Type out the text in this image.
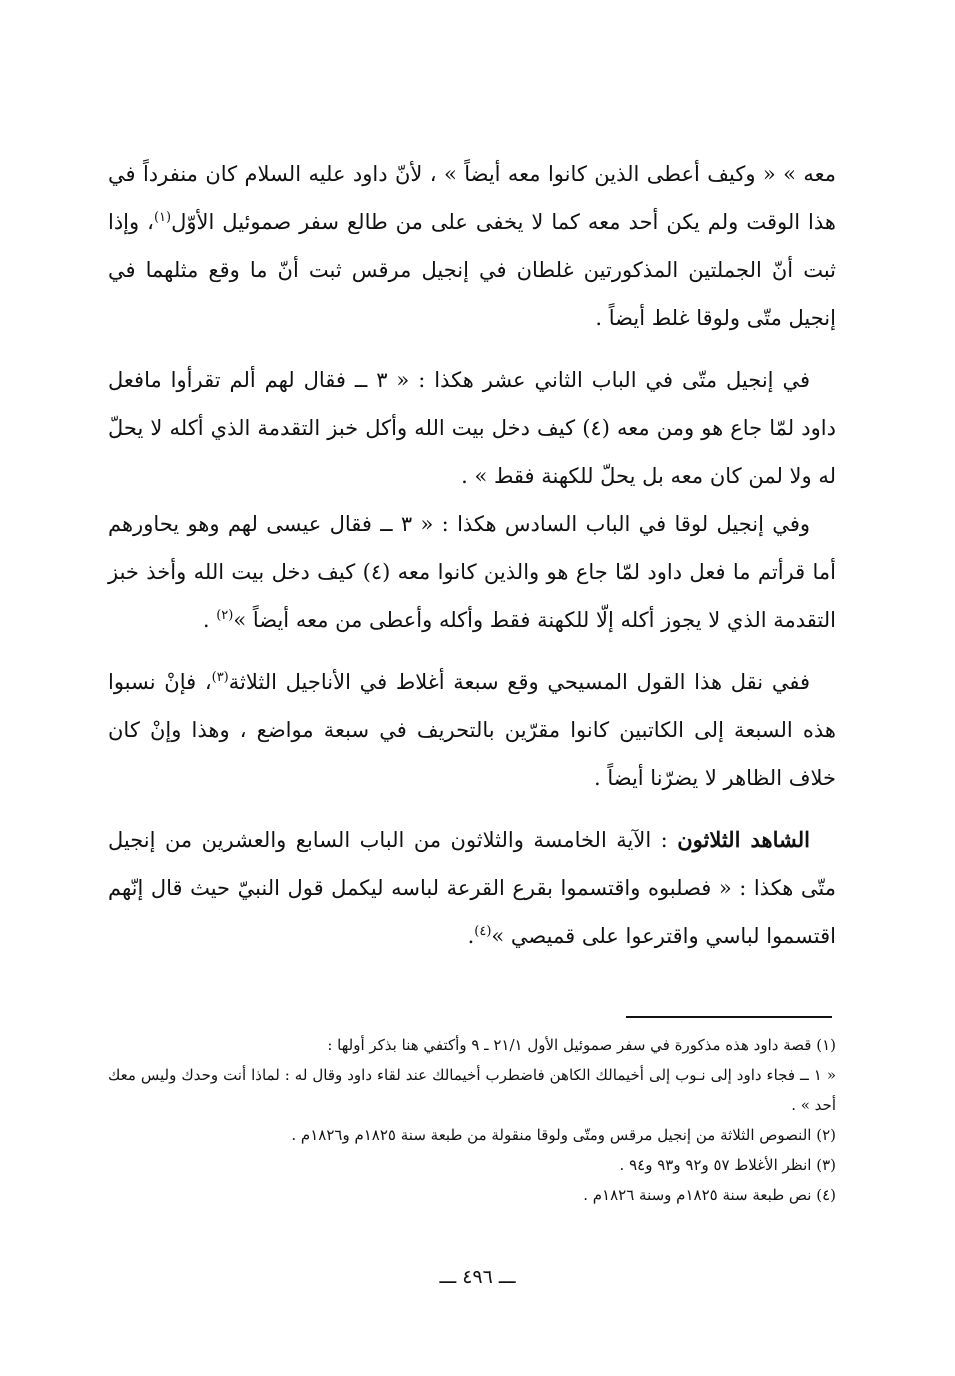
معه » « وكيف أعطى الذين كانوا معه أيضاً » ، لأنّ داود عليه السلام كان منفرداً في هذا الوقت ولم يكن أحد معه كما لا يخفى على من طالع سفر صموئيل الأوّل$^{(١)}$، وإذا ثبت أنّ الجملتين المذكورتين غلطان في إنجيل مرقس ثبت أنّ ما وقع مثلهما في إنجيل متّى ولوقا غلط أيضاً .

في إنجيل متّى في الباب الثاني عشر هكذا : « ٣ ــ فقال لهم ألم تقرأوا مافعل داود لمّا جاع هو ومن معه (٤) كيف دخل بيت الله وأكل خبز التقدمة الذي أكله لا يحلّ له ولا لمن كان معه بل يحلّ للكهنة فقط » .

وفي إنجيل لوقا في الباب السادس هكذا : « ٣ ــ فقال عيسى لهم وهو يحاورهم أما قرأتم ما فعل داود لمّا جاع هو والذين كانوا معه (٤) كيف دخل بيت الله وأخذ خبز التقدمة الذي لا يجوز أكله إلّا للكهنة فقط وأكله وأعطى من معه أيضاً »$^{(٢)}$ .

ففي نقل هذا القول المسيحي وقع سبعة أغلاط في الأناجيل الثلاثة$^{(٣)}$، فإنْ نسبوا هذه السبعة إلى الكاتبين كانوا مقرّين بالتحريف في سبعة مواضع ، وهذا وإنْ كان خلاف الظاهر لا يضرّنا أيضاً .

الشاهد الثلاثون : الآية الخامسة والثلاثون من الباب السابع والعشرين من إنجيل متّى هكذا : « فصلبوه واقتسموا بقرع القرعة لباسه ليكمل قول النبيّ حيث قال إنّهم اقتسموا لباسي واقترعوا على قميصي »$^{(٤)}$.

(١) قصة داود هذه مذكورة في سفر صموئيل الأول ٢١/١ ـ ٩ وأكتفي هنا بذكر أولها :

« ١ ــ فجاء داود إلى نـوب إلى أخيمالك الكاهن فاضطرب أخيمالك عند لقاء داود وقال له : لماذا أنت وحدك وليس معك أحد » .

(٢) النصوص الثلاثة من إنجيل مرقس ومتّى ولوقا منقولة من طبعة سنة ١٨٢٥م و١٨٢٦م .

(٣) انظر الأغلاط ٥٧ و٩٢ و٩٣ و٩٤ .

(٤) نص طبعة سنة ١٨٢٥م وسنة ١٨٢٦م .

ـــ ٤٩٦ ـــ
